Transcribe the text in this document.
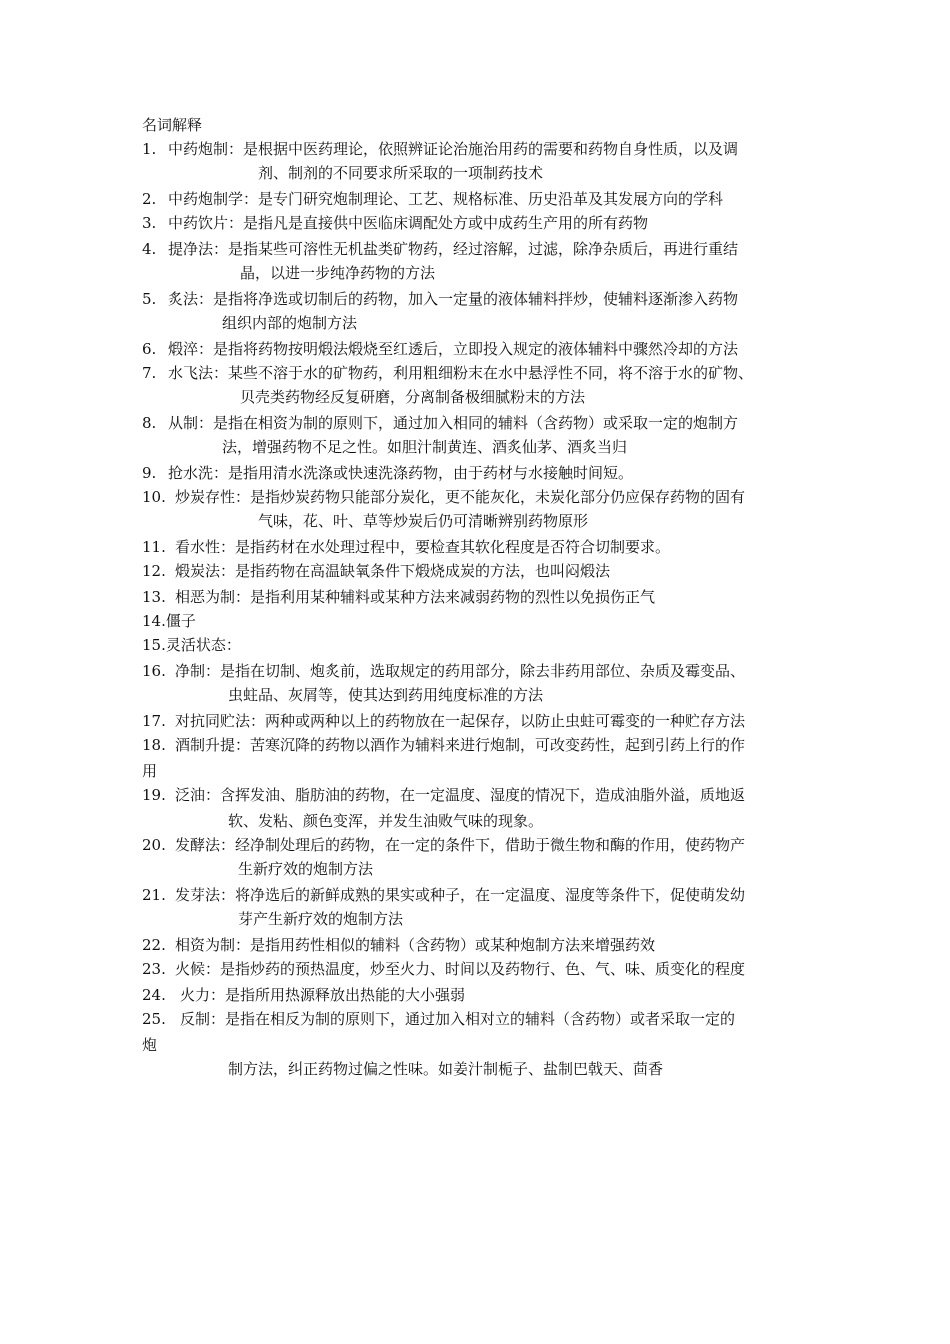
名词解释
1. 中药炮制：是根据中医药理论，依照辨证论治施治用药的需要和药物自身性质，以及调
剂、制剂的不同要求所采取的一项制药技术
2. 中药炮制学：是专门研究炮制理论、工艺、规格标准、历史沿革及其发展方向的学科
3. 中药饮片：是指凡是直接供中医临床调配处方或中成药生产用的所有药物
4. 提净法：是指某些可溶性无机盐类矿物药，经过溶解，过滤，除净杂质后，再进行重结
晶，以进一步纯净药物的方法
5. 炙法：是指将净选或切制后的药物，加入一定量的液体辅料拌炒，使辅料逐渐渗入药物
组织内部的炮制方法
6. 煅淬：是指将药物按明煅法煅烧至红透后，立即投入规定的液体辅料中骤然冷却的方法
7. 水飞法：某些不溶于水的矿物药，利用粗细粉末在水中悬浮性不同，将不溶于水的矿物、
贝壳类药物经反复研磨，分离制备极细腻粉末的方法
8. 从制：是指在相资为制的原则下，通过加入相同的辅料（含药物）或采取一定的炮制方
法，增强药物不足之性。如胆汁制黄连、酒炙仙茅、酒炙当归
9. 抢水洗：是指用清水洗涤或快速洗涤药物，由于药材与水接触时间短。
10. 炒炭存性：是指炒炭药物只能部分炭化，更不能灰化，未炭化部分仍应保存药物的固有
气味，花、叶、草等炒炭后仍可清晰辨别药物原形
11. 看水性：是指药材在水处理过程中，要检查其软化程度是否符合切制要求。
12. 煅炭法：是指药物在高温缺氧条件下煅烧成炭的方法，也叫闷煅法
13. 相恶为制：是指利用某种辅料或某种方法来减弱药物的烈性以免损伤正气
14.僵子
15.灵活状态：
16. 净制：是指在切制、炮炙前，选取规定的药用部分，除去非药用部位、杂质及霉变品、
虫蛀品、灰屑等，使其达到药用纯度标准的方法
17. 对抗同贮法：两种或两种以上的药物放在一起保存，以防止虫蛀可霉变的一种贮存方法
18. 酒制升提：苦寒沉降的药物以酒作为辅料来进行炮制，可改变药性，起到引药上行的作
用
19. 泛油：含挥发油、脂肪油的药物，在一定温度、湿度的情况下，造成油脂外溢，质地返
软、发粘、颜色变浑，并发生油败气味的现象。
20. 发酵法：经净制处理后的药物，在一定的条件下，借助于微生物和酶的作用，使药物产
生新疗效的炮制方法
21. 发芽法：将净选后的新鲜成熟的果实或种子，在一定温度、湿度等条件下，促使萌发幼
芽产生新疗效的炮制方法
22. 相资为制：是指用药性相似的辅料（含药物）或某种炮制方法来增强药效
23. 火候：是指炒药的预热温度，炒至火力、时间以及药物行、色、气、味、质变化的程度
24. 火力：是指所用热源释放出热能的大小强弱
25. 反制：是指在相反为制的原则下，通过加入相对立的辅料（含药物）或者采取一定的
炮
制方法，纠正药物过偏之性味。如姜汁制栀子、盐制巴戟天、茴香
